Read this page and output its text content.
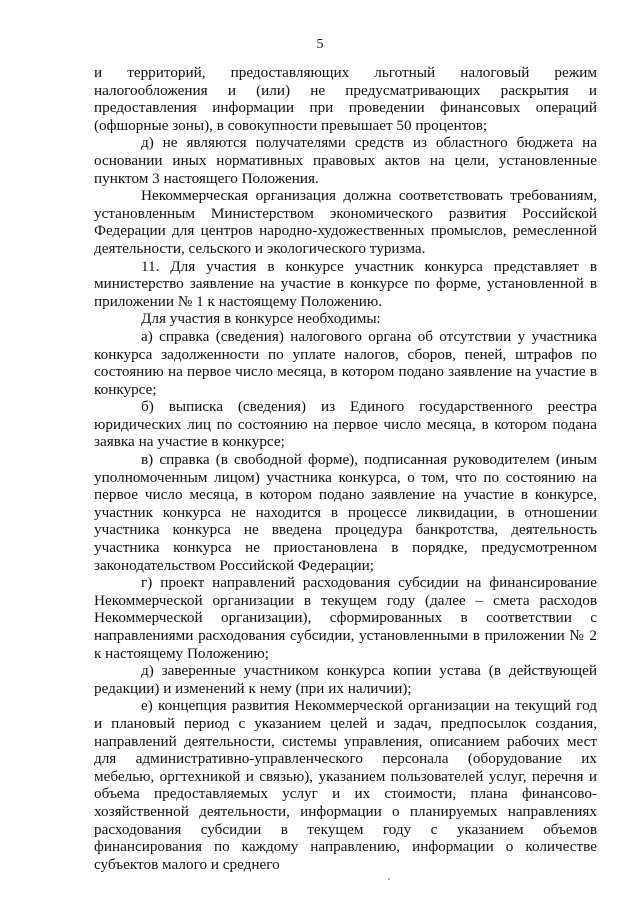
5

и территорий, предоставляющих льготный налоговый режим налогообложения и (или) не предусматривающих раскрытия и предоставления информации при проведении финансовых операций (офшорные зоны), в совокупности превышает 50 процентов;

д) не являются получателями средств из областного бюджета на основании иных нормативных правовых актов на цели, установленные пунктом 3 настоящего Положения.

Некоммерческая организация должна соответствовать требованиям, установленным Министерством экономического развития Российской Федерации для центров народно-художественных промыслов, ремесленной деятельности, сельского и экологического туризма.

11. Для участия в конкурсе участник конкурса представляет в министерство заявление на участие в конкурсе по форме, установленной в приложении № 1 к настоящему Положению.

Для участия в конкурсе необходимы:

а) справка (сведения) налогового органа об отсутствии у участника конкурса задолженности по уплате налогов, сборов, пеней, штрафов по состоянию на первое число месяца, в котором подано заявление на участие в конкурсе;

б) выписка (сведения) из Единого государственного реестра юридических лиц по состоянию на первое число месяца, в котором подана заявка на участие в конкурсе;

в) справка (в свободной форме), подписанная руководителем (иным уполномоченным лицом) участника конкурса, о том, что по состоянию на первое число месяца, в котором подано заявление на участие в конкурсе, участник конкурса не находится в процессе ликвидации, в отношении участника конкурса не введена процедура банкротства, деятельность участника конкурса не приостановлена в порядке, предусмотренном законодательством Российской Федерации;

г) проект направлений расходования субсидии на финансирование Некоммерческой организации в текущем году (далее – смета расходов Некоммерческой организации), сформированных в соответствии с направлениями расходования субсидии, установленными в приложении № 2 к настоящему Положению;

д) заверенные участником конкурса копии устава (в действующей редакции) и изменений к нему (при их наличии);

е) концепция развития Некоммерческой организации на текущий год и плановый период с указанием целей и задач, предпосылок создания, направлений деятельности, системы управления, описанием рабочих мест для административно-управленческого персонала (оборудование их мебелью, оргтехникой и связью), указанием пользователей услуг, перечня и объема предоставляемых услуг и их стоимости, плана финансово-хозяйственной деятельности, информации о планируемых направлениях расходования субсидии в текущем году с указанием объемов финансирования по каждому направлению, информации о количестве субъектов малого и среднего
